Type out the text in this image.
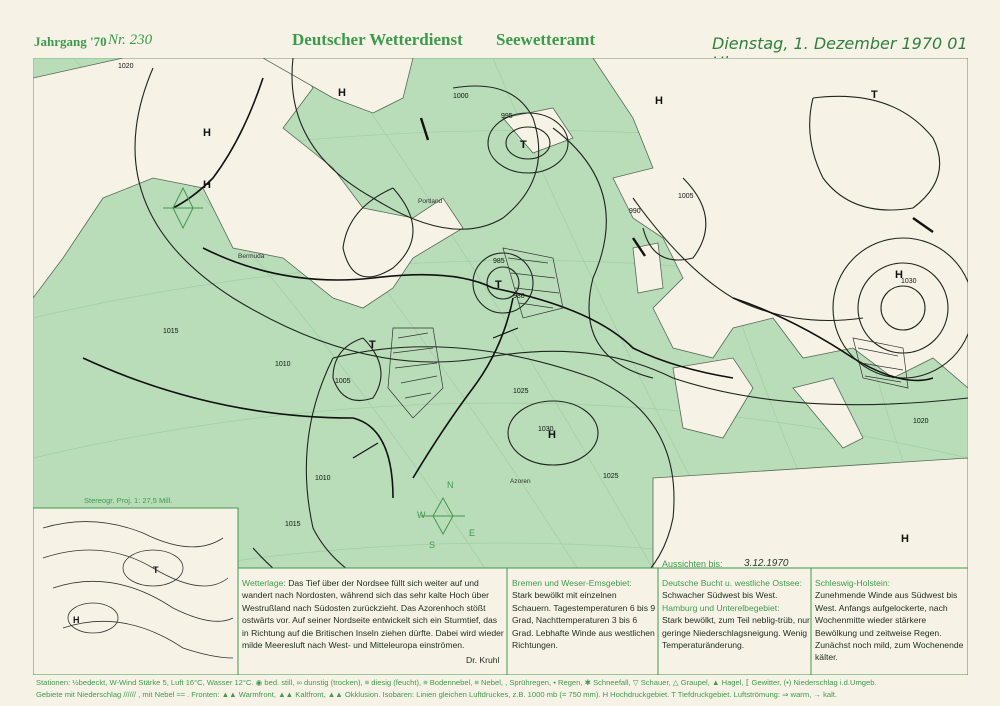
Jahrgang '70 Nr. 230	Deutscher Wetterdienst Seewetteramt	Dienstag, 1. Dezember 1970 01
H
H
T
H
H
T
H
T
H
T
H
1020
1015
1010
1005
1000
995
990
985
980
1025
1030
1020
1015
1025
1030
1010
1005
Azoren
Bermuda
Portland
N
S
E
W
H
T
Stereogr. Proj. 1: 27,5 Mill.
Aussichten bis: 3.12.1970
Wetterlage: Das Tief über der Nordsee füllt sich weiter auf und wandert nach Nordosten, während sich das sehr kalte Hoch über Westrußland nach Südosten zurückzieht. Das Azorenhoch stößt ostwärts vor. Auf seiner Nordseite entwickelt sich ein Sturmtief, das in Richtung auf die Britischen Inseln ziehen dürfte. Dabei wird wieder milde Meeresluft nach West- und Mitteleuropa einströmen.
Dr. Kruhl
Bremen und Weser-Emsgebiet:
Stark bewölkt mit einzelnen Schauern. Tagestemperaturen 6 bis 9 Grad, Nachttemperaturen 3 bis 6 Grad. Lebhafte Winde aus westlichen Richtungen.
Deutsche Bucht u. westliche Ostsee:
Schwacher Südwest bis West.
Hamburg und Unterelbegebiet:
Stark bewölkt, zum Teil neblig-trüb, nur geringe Niederschlagsneigung. Wenig Temperaturänderung.
Schleswig-Holstein:
Zunehmende Winde aus Südwest bis West. Anfangs aufgelockerte, nach Wochenmitte wieder stärkere Bewölkung und zeitweise Regen. Zunächst noch mild, zum Wochenende kälter.
Stationen: ½bedeckt, W-Wind Stärke 5, Luft 16°C, Wasser 12°C. ◉ bed. still, ∞ dunstig (trocken), ≡ diesig (feucht), ≡ Bodennebel, ≡ Nebel, , Sprühregen, • Regen, ✱ Schneefall, ▽ Schauer, △ Graupel, ▲ Hagel, ⟦ Gewitter, (•) Niederschlag i.d.Umgeb.
Gebiete mit Niederschlag ////// , mit Nebel ≈≈ . Fronten: ▲▲ Warmfront, ▲▲ Kaltfront, ▲▲ Okklusion. Isobaren: Linien gleichen Luftdruckes, z.B. 1000 mb (= 750 mm). H Hochdruckgebiet. T Tiefdruckgebiet. Luftströmung: ⇒ warm, → kalt.
